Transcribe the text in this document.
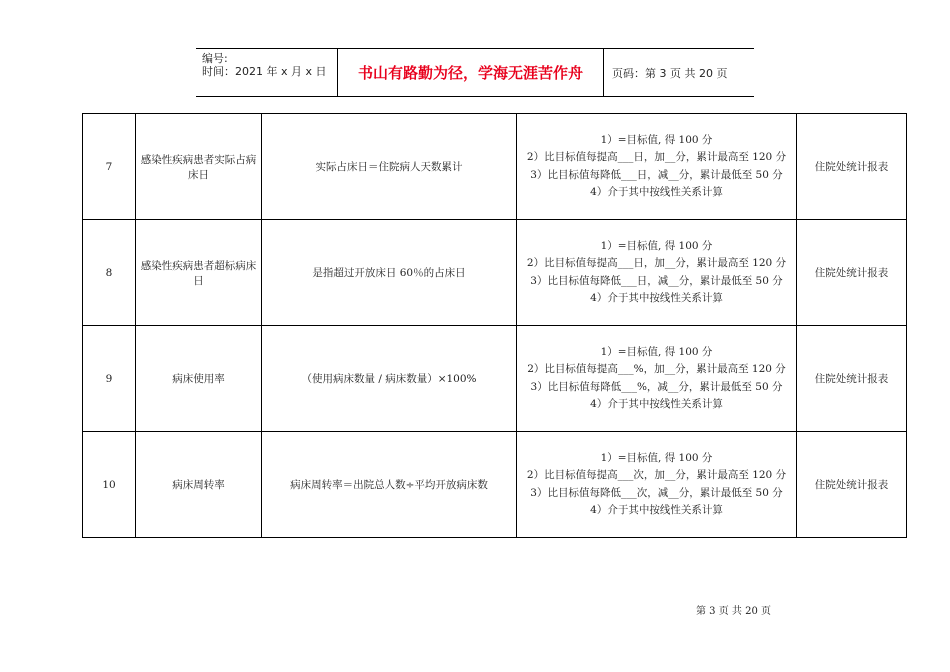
编号:
时间：2021 年 x 月 x 日	书山有路勤为径，学海无涯苦作舟	页码：第 3 页 共 20 页
7	感染性疾病患者实际占病床日	实际占床日＝住院病人天数累计	1）=目标值, 得 100 分
2）比目标值每提高___日，加__分，累计最高至 120 分
3）比目标值每降低___日，减__分，累计最低至 50 分
4）介于其中按线性关系计算	住院处统计报表
8	感染性疾病患者超标病床日	是指超过开放床日 60％的占床日	1）=目标值, 得 100 分
2）比目标值每提高___日，加__分，累计最高至 120 分
3）比目标值每降低___日，减__分，累计最低至 50 分
4）介于其中按线性关系计算	住院处统计报表
9	病床使用率	（使用病床数量 / 病床数量）×100%	1）=目标值, 得 100 分
2）比目标值每提高___%，加__分，累计最高至 120 分
3）比目标值每降低___%，减__分，累计最低至 50 分
4）介于其中按线性关系计算	住院处统计报表
10	病床周转率	病床周转率＝出院总人数÷平均开放病床数	1）=目标值, 得 100 分
2）比目标值每提高___次，加__分，累计最高至 120 分
3）比目标值每降低___次，减__分，累计最低至 50 分
4）介于其中按线性关系计算	住院处统计报表
第 3 页 共 20 页
